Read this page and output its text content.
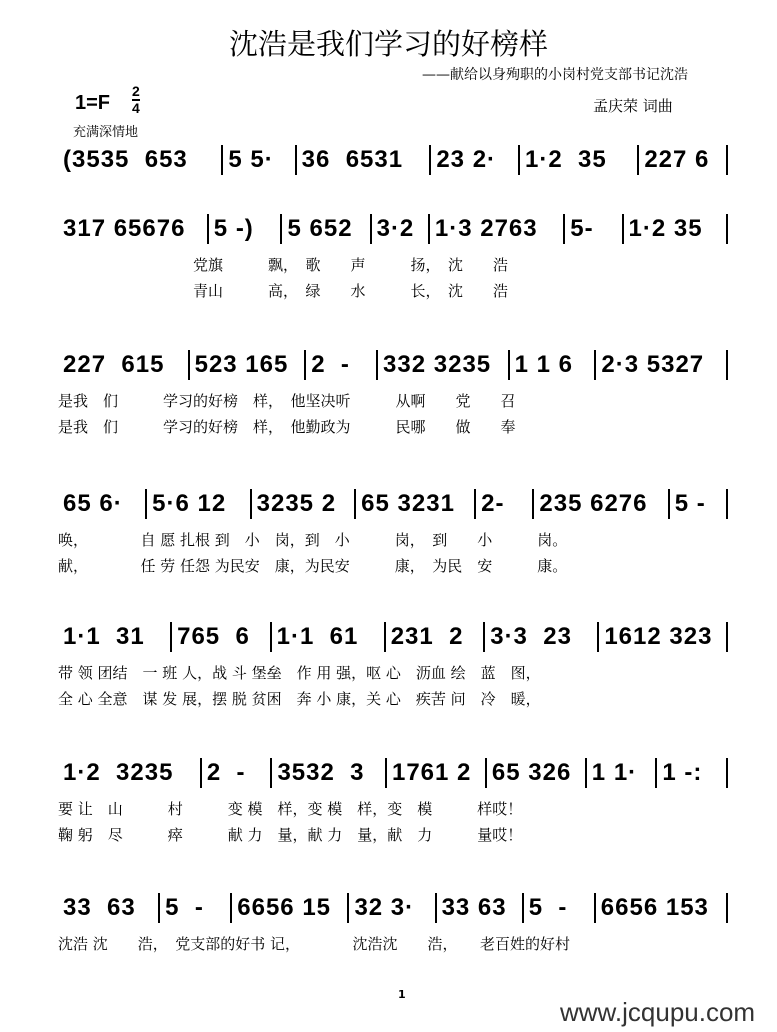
沈浩是我们学习的好榜样
——献给以身殉职的小岗村党支部书记沈浩
$1=F \frac{2}{4}$	孟庆荣 词曲
充满深情地
(3535  653	5 5·	36  6531	23 2·	1·2  35	227 6
317 65676	5 -)	5 652	3·2 1·3 2763	5-	1·2 35
　　　　　　　　　党旗　　　飘，　歌　　声　　　扬，　沈　　浩
　　　　　　　　　青山　　　高，　绿　　水　　　长，　沈　　浩
227  615	523 165 2  -	332 3235 1 1 6	2·3 5327
是我　们　　　学习的好榜　样，　他坚决听　　　从啊　　党　　召
是我　们　　　学习的好榜　样，　他勤政为　　　民哪　　做　　奉
65 6·	5·6 12	3235 2	65 3231	2-	235 6276	5 -
唤，　　　　自 愿 扎根 到　小　岗，到　小　　　岗，　到　　小　　　岗。
献，　　　　任 劳 任怨 为民安　康，为民安　　　康，　为民　安　　　康。
1·1  31	765  6	1·1  61	231  2	3·3  23	1612 323
带 领 团结　一 班 人，战 斗 堡垒　作 用 强，呕 心　沥血 绘　蓝　图，
全 心 全意　谋 发 展，摆 脱 贫困　奔 小 康，关 心　疾苦 问　冷　暖，
1·2  3235	2  -	3532  3	1761 2 65 326 1 1·	1 -:
要 让　山　　　村　　　变 模　样，变 模　样，变　模　　　样哎！
鞠 躬　尽　　　瘁　　　献 力　量，献 力　量，献　力　　　量哎！
33  63	5  -	6656 15 32 3·	33 63 5  -	6656 153
沈浩 沈　　浩，　党支部的好书 记，　　　　沈浩沈　　浩，　　老百姓的好村
1
www.jcqupu.com
